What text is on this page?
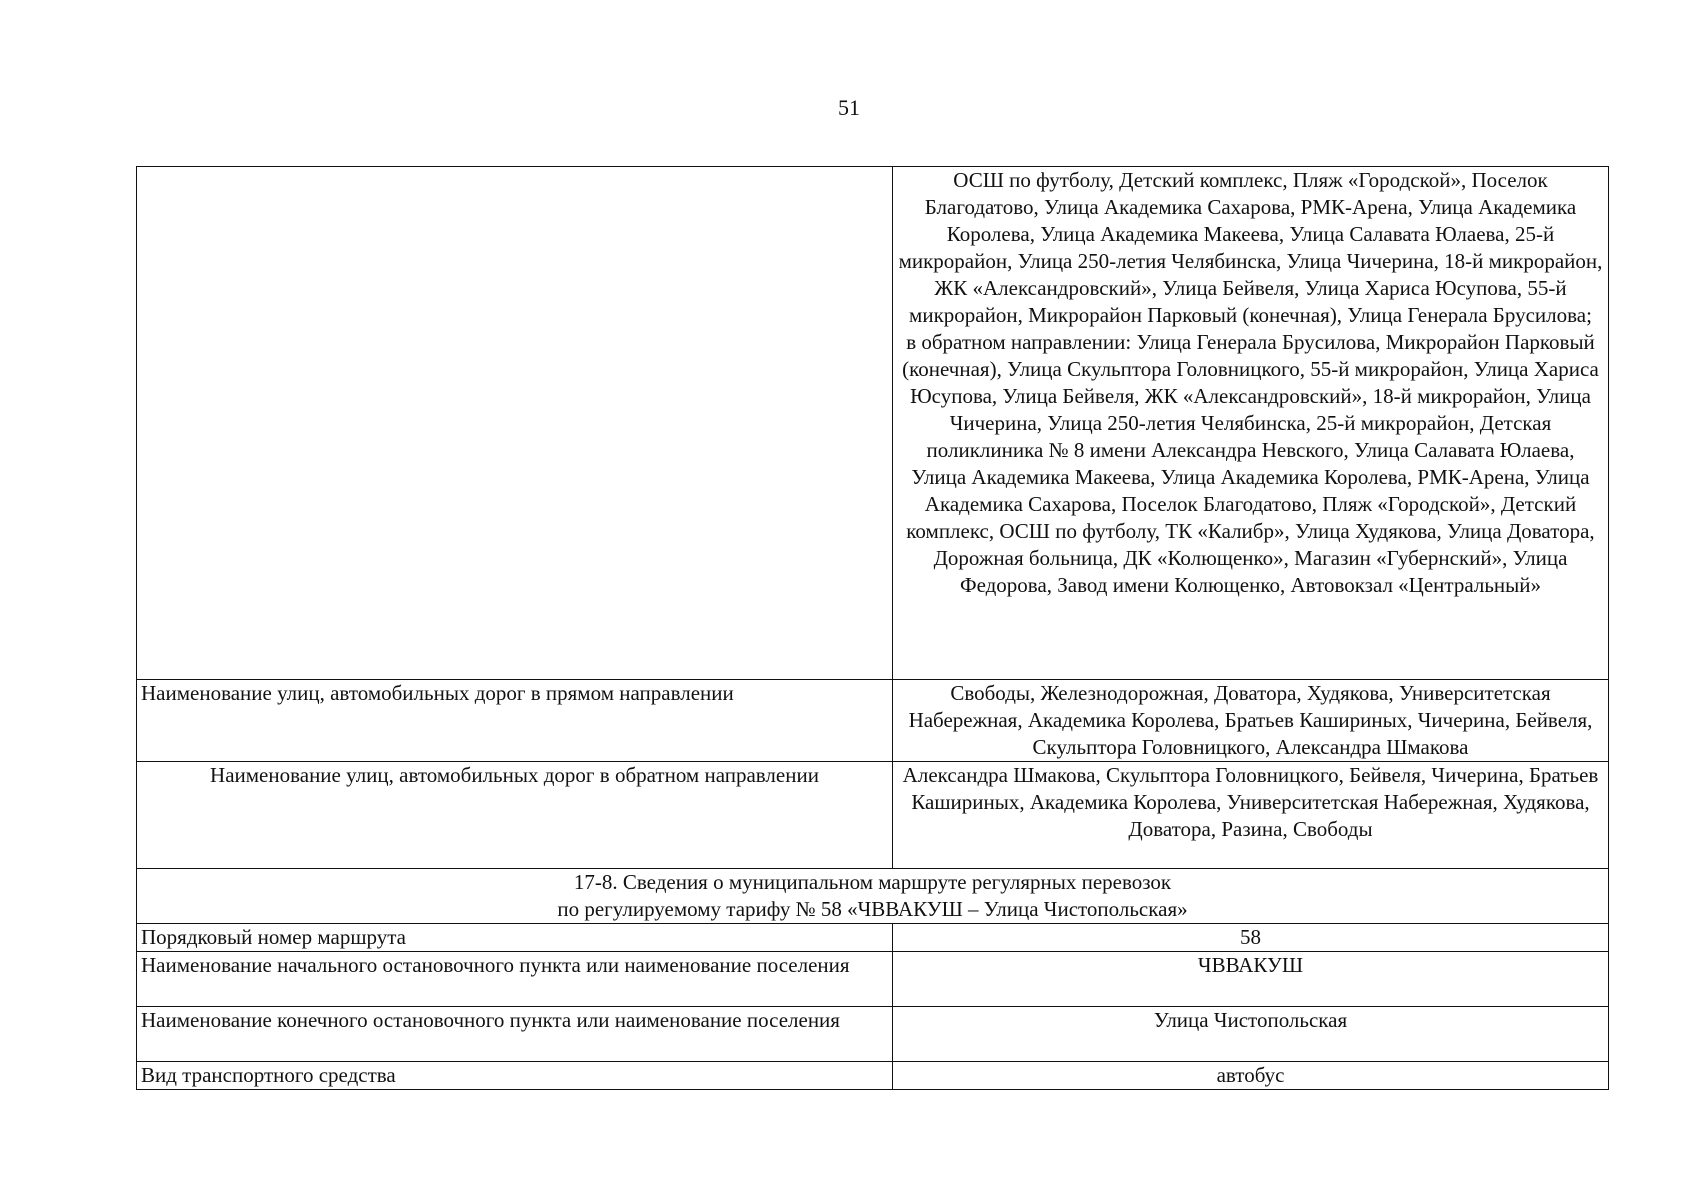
51
	ОСШ по футболу, Детский комплекс, Пляж «Городской», Поселок Благодатово, Улица Академика Сахарова, РМК-Арена, Улица Академика Королева, Улица Академика Макеева, Улица Салавата Юлаева, 25-й микрорайон, Улица 250-летия Челябинска, Улица Чичерина, 18-й микрорайон, ЖК «Александровский», Улица Бейвеля, Улица Хариса Юсупова, 55-й микрорайон, Микрорайон Парковый (конечная), Улица Генерала Брусилова;
в обратном направлении: Улица Генерала Брусилова, Микрорайон Парковый (конечная), Улица Скульптора Головницкого, 55-й микрорайон, Улица Хариса Юсупова, Улица Бейвеля, ЖК «Александровский», 18-й микрорайон, Улица Чичерина, Улица 250-летия Челябинска, 25-й микрорайон, Детская поликлиника № 8 имени Александра Невского, Улица Салавата Юлаева, Улица Академика Макеева, Улица Академика Королева, РМК-Арена, Улица Академика Сахарова, Поселок Благодатово, Пляж «Городской», Детский комплекс, ОСШ по футболу, ТК «Калибр», Улица Худякова, Улица Доватора, Дорожная больница, ДК «Колющенко», Магазин «Губернский», Улица Федорова, Завод имени Колющенко, Автовокзал «Центральный»
Наименование улиц, автомобильных дорог в прямом направлении	Свободы, Железнодорожная, Доватора, Худякова, Университетская Набережная, Академика Королева, Братьев Кашириных, Чичерина, Бейвеля, Скульптора Головницкого, Александра Шмакова
Наименование улиц, автомобильных дорог в обратном направлении	Александра Шмакова, Скульптора Головницкого, Бейвеля, Чичерина, Братьев Кашириных, Академика Королева, Университетская Набережная, Худякова, Доватора, Разина, Свободы
17-8. Сведения о муниципальном маршруте регулярных перевозок
по регулируемому тарифу № 58 «ЧВВАКУШ – Улица Чистопольская»	
Порядковый номер маршрута	58
Наименование начального остановочного пункта или наименование поселения	ЧВВАКУШ
Наименование конечного остановочного пункта или наименование поселения	Улица Чистопольская
Вид транспортного средства	автобус
